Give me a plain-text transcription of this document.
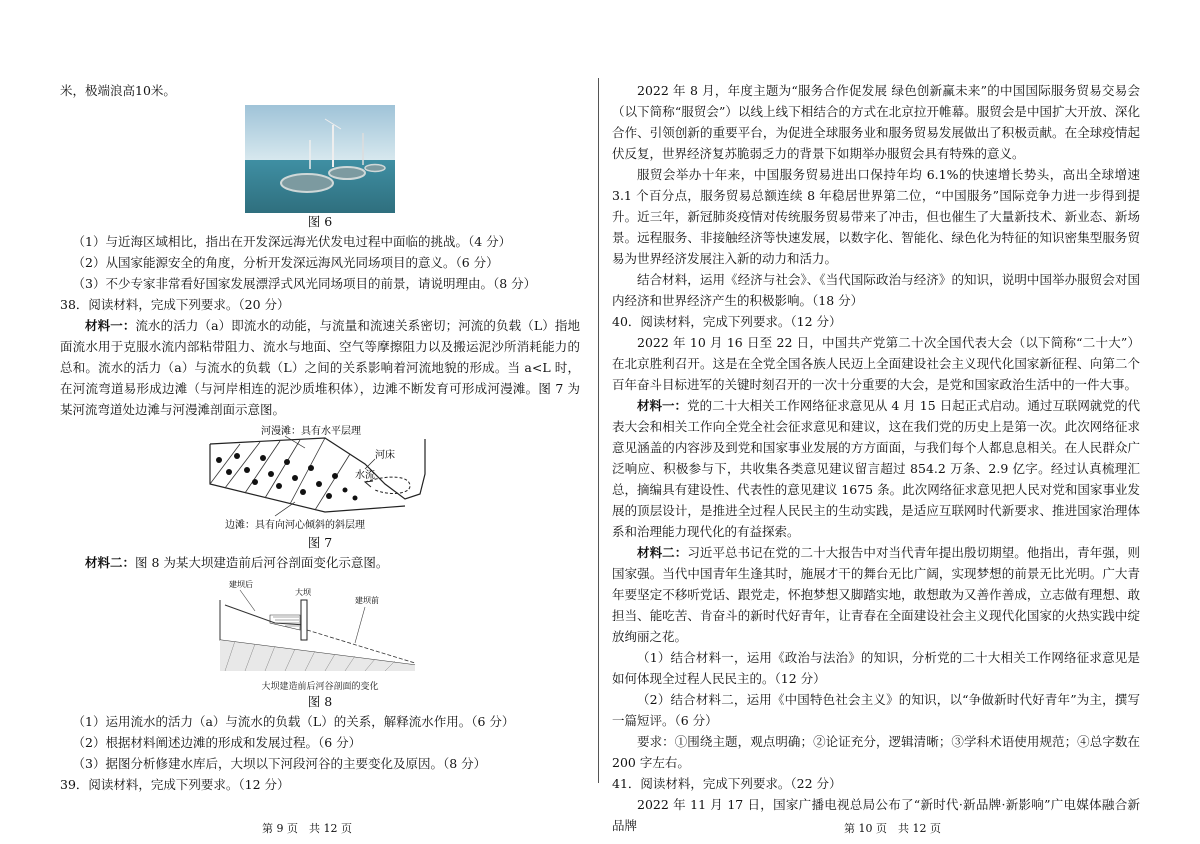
米，极端浪高10米。

图 6

（1）与近海区域相比，指出在开发深远海光伏发电过程中面临的挑战。（4 分）

（2）从国家能源安全的角度，分析开发深远海风光同场项目的意义。（6 分）

（3）不少专家非常看好国家发展漂浮式风光同场项目的前景，请说明理由。（8 分）

38．阅读材料，完成下列要求。（20 分）

材料一：流水的活力（a）即流水的动能，与流量和流速关系密切；河流的负载（L）指地面流水用于克服水流内部粘带阻力、流水与地面、空气等摩擦阻力以及搬运泥沙所消耗能力的总和。流水的活力（a）与流水的负载（L）之间的关系影响着河流地貌的形成。当 a<L 时，在河流弯道易形成边滩（与河岸相连的泥沙质堆积体），边滩不断发育可形成河漫滩。图 7 为某河流弯道处边滩与河漫滩剖面示意图。

河漫滩：具有水平层理
河床
水流
边滩：具有向河心倾斜的斜层理

图 7

材料二：图 8 为某大坝建造前后河谷剖面变化示意图。

建坝后
大坝
建坝前

大坝建造前后河谷剖面的变化

图 8

（1）运用流水的活力（a）与流水的负载（L）的关系，解释流水作用。（6 分）

（2）根据材料阐述边滩的形成和发展过程。（6 分）

（3）据图分析修建水库后，大坝以下河段河谷的主要变化及原因。（8 分）

39．阅读材料，完成下列要求。（12 分）

2022 年 8 月，年度主题为“服务合作促发展 绿色创新赢未来”的中国国际服务贸易交易会（以下简称“服贸会”）以线上线下相结合的方式在北京拉开帷幕。服贸会是中国扩大开放、深化合作、引领创新的重要平台，为促进全球服务业和服务贸易发展做出了积极贡献。在全球疫情起伏反复，世界经济复苏脆弱乏力的背景下如期举办服贸会具有特殊的意义。

服贸会举办十年来，中国服务贸易进出口保持年均 6.1%的快速增长势头，高出全球增速 3.1 个百分点，服务贸易总额连续 8 年稳居世界第二位，“中国服务”国际竞争力进一步得到提升。近三年，新冠肺炎疫情对传统服务贸易带来了冲击，但也催生了大量新技术、新业态、新场景。远程服务、非接触经济等快速发展，以数字化、智能化、绿色化为特征的知识密集型服务贸易为世界经济发展注入新的动力和活力。

结合材料，运用《经济与社会》、《当代国际政治与经济》的知识，说明中国举办服贸会对国内经济和世界经济产生的积极影响。（18 分）

40．阅读材料，完成下列要求。（12 分）

2022 年 10 月 16 日至 22 日，中国共产党第二十次全国代表大会（以下简称“二十大”）在北京胜利召开。这是在全党全国各族人民迈上全面建设社会主义现代化国家新征程、向第二个百年奋斗目标进军的关键时刻召开的一次十分重要的大会，是党和国家政治生活中的一件大事。

材料一：党的二十大相关工作网络征求意见从 4 月 15 日起正式启动。通过互联网就党的代表大会和相关工作向全党全社会征求意见和建议，这在我们党的历史上是第一次。此次网络征求意见涵盖的内容涉及到党和国家事业发展的方方面面，与我们每个人都息息相关。在人民群众广泛响应、积极参与下，共收集各类意见建议留言超过 854.2 万条、2.9 亿字。经过认真梳理汇总，摘编具有建设性、代表性的意见建议 1675 条。此次网络征求意见把人民对党和国家事业发展的顶层设计，是推进全过程人民民主的生动实践，是适应互联网时代新要求、推进国家治理体系和治理能力现代化的有益探索。

材料二：习近平总书记在党的二十大报告中对当代青年提出殷切期望。他指出，青年强，则国家强。当代中国青年生逢其时，施展才干的舞台无比广阔，实现梦想的前景无比光明。广大青年要坚定不移听党话、跟党走，怀抱梦想又脚踏实地，敢想敢为又善作善成，立志做有理想、敢担当、能吃苦、肯奋斗的新时代好青年，让青春在全面建设社会主义现代化国家的火热实践中绽放绚丽之花。

（1）结合材料一，运用《政治与法治》的知识，分析党的二十大相关工作网络征求意见是如何体现全过程人民民主的。（12 分）

（2）结合材料二，运用《中国特色社会主义》的知识，以“争做新时代好青年”为主，撰写一篇短评。（6 分）

要求：①围绕主题，观点明确；②论证充分，逻辑清晰；③学科术语使用规范；④总字数在 200 字左右。

41．阅读材料，完成下列要求。（22 分）

2022 年 11 月 17 日，国家广播电视总局公布了“新时代·新品牌·新影响”广电媒体融合新品牌

第 9 页　共 12 页	第 10 页　共 12 页
